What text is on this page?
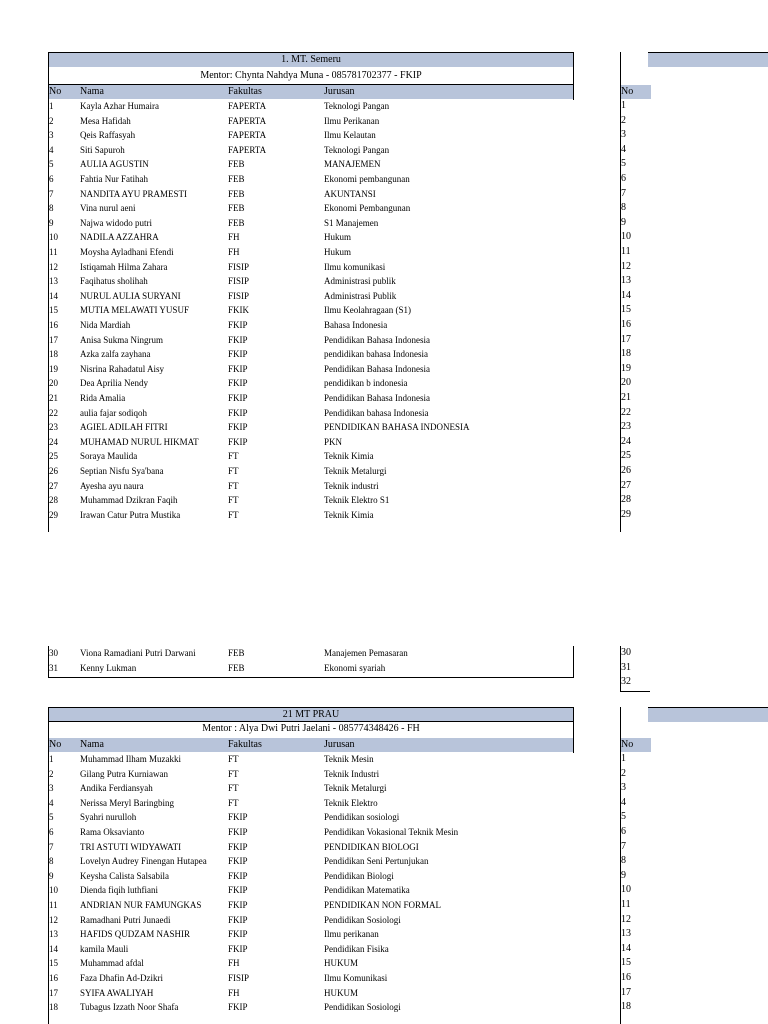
1. MT. Semeru
Mentor: Chynta Nahdya Muna - 085781702377 - FKIP
No	Nama	Fakultas	Jurusan
1	Kayla Azhar Humaira	FAPERTA	Teknologi Pangan
2	Mesa Hafidah	FAPERTA	Ilmu Perikanan
3	Qeis Raffasyah	FAPERTA	Ilmu Kelautan
4	Siti Sapuroh	FAPERTA	Teknologi Pangan
5	AULIA AGUSTIN	FEB	MANAJEMEN
6	Fahtia Nur Fatihah	FEB	Ekonomi pembangunan
7	NANDITA AYU PRAMESTI	FEB	AKUNTANSI
8	Vina nurul aeni	FEB	Ekonomi Pembangunan
9	Najwa widodo putri	FEB	S1 Manajemen
10	NADILA AZZAHRA	FH	Hukum
11	Moysha Ayladhani Efendi	FH	Hukum
12	Istiqamah Hilma Zahara	FISIP	Ilmu komunikasi
13	Faqihatus sholihah	FISIP	Administrasi publik
14	NURUL AULIA SURYANI	FISIP	Administrasi Publik
15	MUTIA MELAWATI YUSUF	FKIK	Ilmu Keolahragaan (S1)
16	Nida Mardiah	FKIP	Bahasa Indonesia
17	Anisa Sukma Ningrum	FKIP	Pendidikan Bahasa Indonesia
18	Azka zalfa zayhana	FKIP	pendidikan bahasa Indonesia
19	Nisrina Rahadatul Aisy	FKIP	Pendidikan Bahasa Indonesia
20	Dea Aprilia Nendy	FKIP	pendidikan b indonesia
21	Rida Amalia	FKIP	Pendidikan Bahasa Indonesia
22	aulia fajar sodiqoh	FKIP	Pendidikan bahasa Indonesia
23	AGIEL ADILAH FITRI	FKIP	PENDIDIKAN BAHASA INDONESIA
24	MUHAMAD NURUL HIKMAT	FKIP	PKN
25	Soraya Maulida	FT	Teknik Kimia
26	Septian Nisfu Sya'bana	FT	Teknik Metalurgi
27	Ayesha ayu naura	FT	Teknik industri
28	Muhammad Dzikran Faqih	FT	Teknik Elektro S1
29	Irawan Catur Putra Mustika	FT	Teknik Kimia
30	Viona Ramadiani Putri Darwani	FEB	Manajemen Pemasaran
31	Kenny Lukman	FEB	Ekonomi syariah
21 MT PRAU
Mentor : Alya Dwi Putri Jaelani - 085774348426 - FH
No	Nama	Fakultas	Jurusan
1	Muhammad Ilham Muzakki	FT	Teknik Mesin
2	Gilang Putra Kurniawan	FT	Teknik Industri
3	Andika Ferdiansyah	FT	Teknik Metalurgi
4	Nerissa Meryl Baringbing	FT	Teknik Elektro
5	Syahri nurulloh	FKIP	Pendidikan sosiologi
6	Rama Oksavianto	FKIP	Pendidikan Vokasional Teknik Mesin
7	TRI ASTUTI WIDYAWATI	FKIP	PENDIDIKAN BIOLOGI
8	Lovelyn Audrey Finengan Hutapea	FKIP	Pendidikan Seni Pertunjukan
9	Keysha Calista Salsabila	FKIP	Pendidikan Biologi
10	Dienda fiqih luthfiani	FKIP	Pendidikan Matematika
11	ANDRIAN NUR FAMUNGKAS	FKIP	PENDIDIKAN NON FORMAL
12	Ramadhani Putri Junaedi	FKIP	Pendidikan Sosiologi
13	HAFIDS QUDZAM NASHIR	FKIP	Ilmu perikanan
14	kamila Mauli	FKIP	Pendidikan Fisika
15	Muhammad afdal	FH	HUKUM
16	Faza Dhafin Ad-Dzikri	FISIP	Ilmu Komunikasi
17	SYIFA AWALIYAH	FH	HUKUM
18	Tubagus Izzath Noor Shafa	FKIP	Pendidikan Sosiologi
No
1
2
3
4
5
6
7
8
9
10
11
12
13
14
15
16
17
18
19
20
21
22
23
24
25
26
27
28
29
30
31
32
No
1
2
3
4
5
6
7
8
9
10
11
12
13
14
15
16
17
18
